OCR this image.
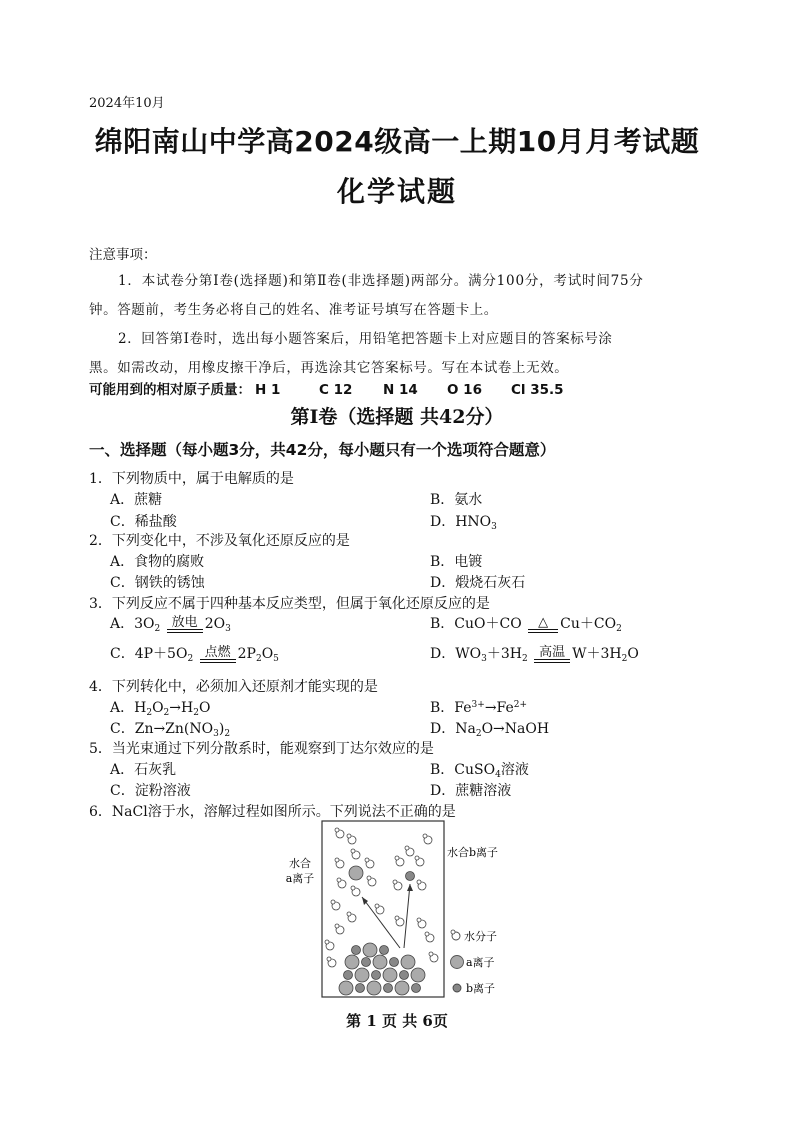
2024年10月
绵阳南山中学高2024级高一上期10月月考试题
化学试题
注意事项：
1．本试卷分第Ⅰ卷(选择题)和第Ⅱ卷(非选择题)两部分。满分100分，考试时间75分
钟。答题前，考生务必将自己的姓名、准考证号填写在答题卡上。
2．回答第Ⅰ卷时，选出每小题答案后，用铅笔把答题卡上对应题目的答案标号涂
黑。如需改动，用橡皮擦干净后，再选涂其它答案标号。写在本试卷上无效。
可能用到的相对原子质量： H 1	C 12 N 14 O 16 Cl 35.5
第Ⅰ卷（选择题 共42分）
一、选择题（每小题3分，共42分，每小题只有一个选项符合题意）
1．下列物质中，属于电解质的是
A．蔗糖	B．氨水
C．稀盐酸	D．$HNO_3$
2．下列变化中，不涉及氧化还原反应的是
A．食物的腐败	B．电镀
C．钢铁的锈蚀	D．煅烧石灰石
3．下列反应不属于四种基本反应类型，但属于氧化还原反应的是
A．$3O_2$ 放电 $2O_3$	B．CuO＋CO △ $Cu+CO_2$
C．$4P+5O_2$ 点燃 $2P_2O_5$	D．$WO_3+3H_2$ 高温 $W+3H_2O$
4．下列转化中，必须加入还原剂才能实现的是
A．$H_2O_2\to H_2O$	B．$Fe^{3+}\to Fe^{2+}$
C．$Zn\to Zn(NO_3)_2$	D．$Na_2O\to NaOH$
5．当光束通过下列分散系时，能观察到丁达尔效应的是
A．石灰乳	B．CuSO$_4$溶液
C．淀粉溶液	D．蔗糖溶液
6．NaCl溶于水，溶解过程如图所示。下列说法不正确的是
水合
a离子
水合b离子
水分子
a离子
b离子
第 1 页 共 6页
